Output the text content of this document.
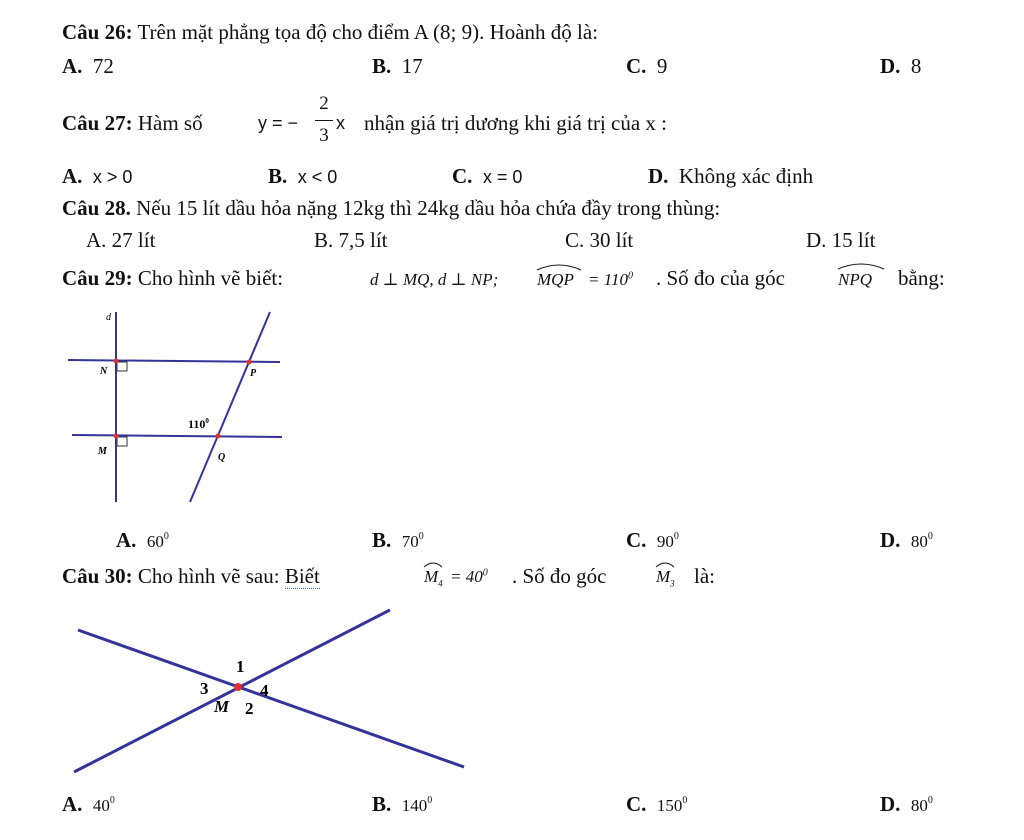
Câu 26: Trên mặt phẳng tọa độ cho điểm A (8; 9). Hoành độ là:
A. 72	B. 17	C. 9	D. 8
Câu 27: Hàm số	y = −
2
3
x nhận giá trị dương khi giá trị của x :
A. x > 0	B. x < 0	C. x = 0	D. Không xác định
Câu 28. Nếu 15 lít dầu hỏa nặng 12kg thì 24kg dầu hỏa chứa đầy trong thùng:
A. 27 lít	B. 7,5 lít	C. 30 lít	D. 15 lít
Câu 29: Cho hình vẽ biết:	d ⊥ MQ, d ⊥ NP; MQP = $110^0$ . Số đo của góc	NPQ bằng:
d
N	P
M
Q
$110^0$
A. $60^0$	B. $70^0$	C. $90^0$	D. $80^0$
Câu 30: Cho hình vẽ sau: Biết	$M_4 = 40^0$ . Số đo góc	$M_3$ là:
1
3	4
M 2
A. $40^0$	B. $140^0$	C. $150^0$	D. $80^0$
